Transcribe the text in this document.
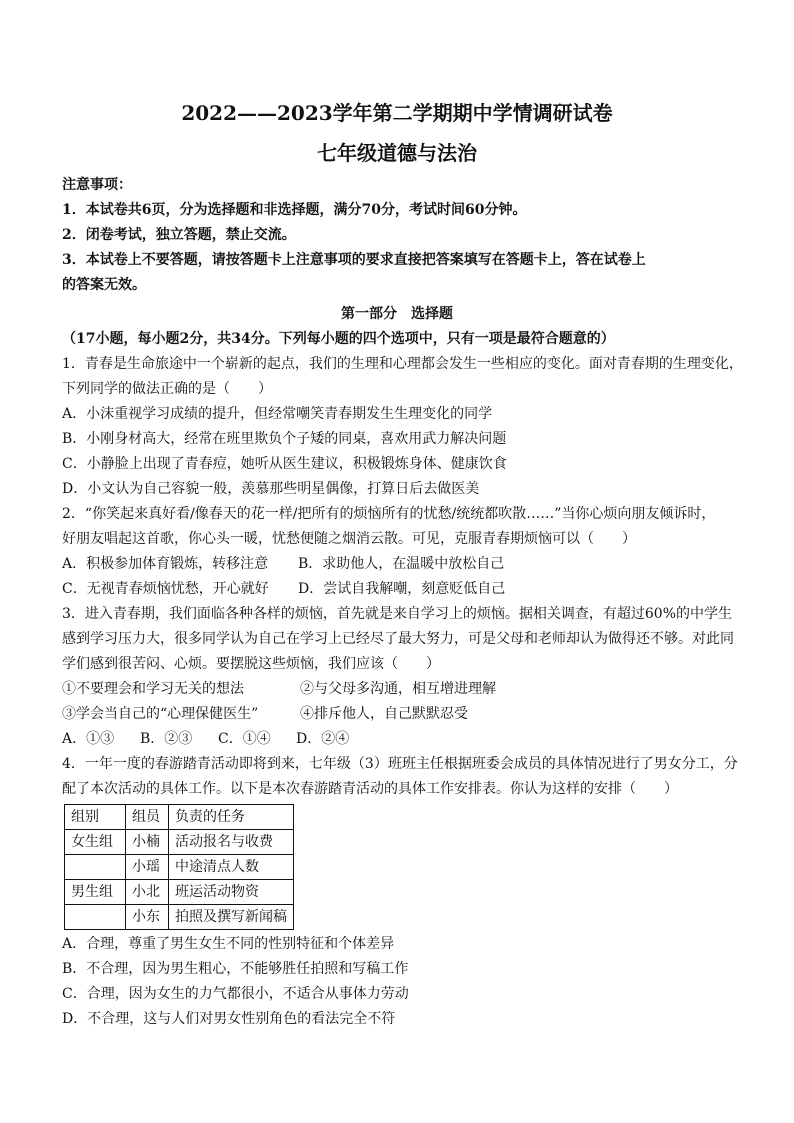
2022——2023学年第二学期期中学情调研试卷
七年级道德与法治
注意事项：
1．本试卷共6页，分为选择题和非选择题，满分70分，考试时间60分钟。
2．闭卷考试，独立答题，禁止交流。
3．本试卷上不要答题，请按答题卡上注意事项的要求直接把答案填写在答题卡上，答在试卷上
的答案无效。
第一部分　选择题
（17小题，每小题2分，共34分。下列每小题的四个选项中，只有一项是最符合题意的）
1．青春是生命旅途中一个崭新的起点，我们的生理和心理都会发生一些相应的变化。面对青春期的生理变化，
下列同学的做法正确的是（　　）
A．小沫重视学习成绩的提升，但经常嘲笑青春期发生生理变化的同学
B．小刚身材高大，经常在班里欺负个子矮的同桌，喜欢用武力解决问题
C．小静脸上出现了青春痘，她听从医生建议，积极锻炼身体、健康饮食
D．小文认为自己容貌一般，羡慕那些明星偶像，打算日后去做医美
2．“你笑起来真好看/像春天的花一样/把所有的烦恼所有的忧愁/统统都吹散……”当你心烦向朋友倾诉时，
好朋友唱起这首歌，你心头一暖，忧愁便随之烟消云散。可见，克服青春期烦恼可以（　　）
A．积极参加体育锻炼，转移注意 B．求助他人，在温暖中放松自己
C．无视青春烦恼忧愁，开心就好 D．尝试自我解嘲，刻意贬低自己
3．进入青春期，我们面临各种各样的烦恼，首先就是来自学习上的烦恼。据相关调查，有超过60%的中学生
感到学习压力大，很多同学认为自己在学习上已经尽了最大努力，可是父母和老师却认为做得还不够。对此同
学们感到很苦闷、心烦。要摆脱这些烦恼，我们应该（　　）
①不要理会和学习无关的想法	②与父母多沟通，相互增进理解
③学会当自己的“心理保健医生”	④排斥他人，自己默默忍受
A．①③ B．②③ C．①④ D．②④
4．一年一度的春游踏青活动即将到来，七年级（3）班班主任根据班委会成员的具体情况进行了男女分工，分
配了本次活动的具体工作。以下是本次春游踏青活动的具体工作安排表。你认为这样的安排（　　）
组别	组员	负责的任务
女生组	小楠	活动报名与收费
	小瑶	中途清点人数
男生组	小北	班运活动物资
	小东	拍照及撰写新闻稿
A．合理，尊重了男生女生不同的性别特征和个体差异
B．不合理，因为男生粗心，不能够胜任拍照和写稿工作
C．合理，因为女生的力气都很小，不适合从事体力劳动
D．不合理，这与人们对男女性别角色的看法完全不符
